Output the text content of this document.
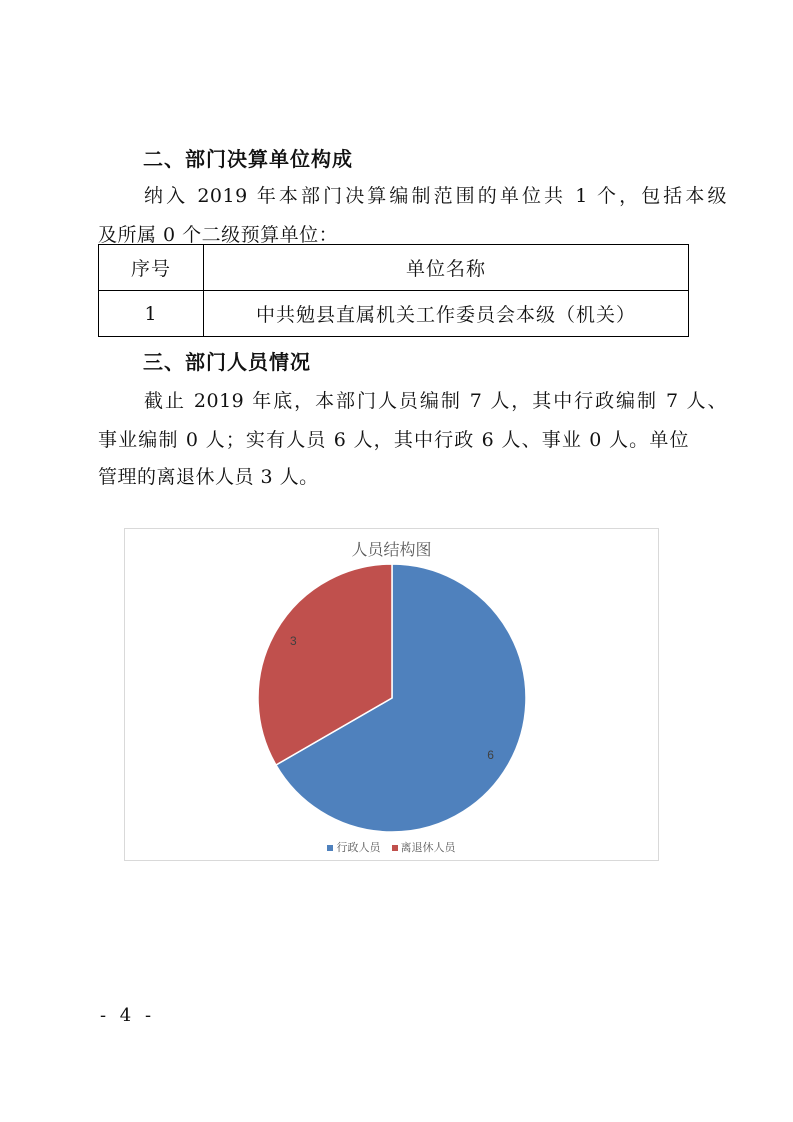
二、部门决算单位构成
纳入 2019 年本部门决算编制范围的单位共 1 个，包括本级
及所属 0 个二级预算单位：
序号	单位名称
1	中共勉县直属机关工作委员会本级（机关）
三、部门人员情况
截止 2019 年底，本部门人员编制 7 人，其中行政编制 7 人、
事业编制 0 人；实有人员 6 人，其中行政 6 人、事业 0 人。单位
管理的离退休人员 3 人。
人员结构图
6
3
行政人员 离退休人员
- 4 -
